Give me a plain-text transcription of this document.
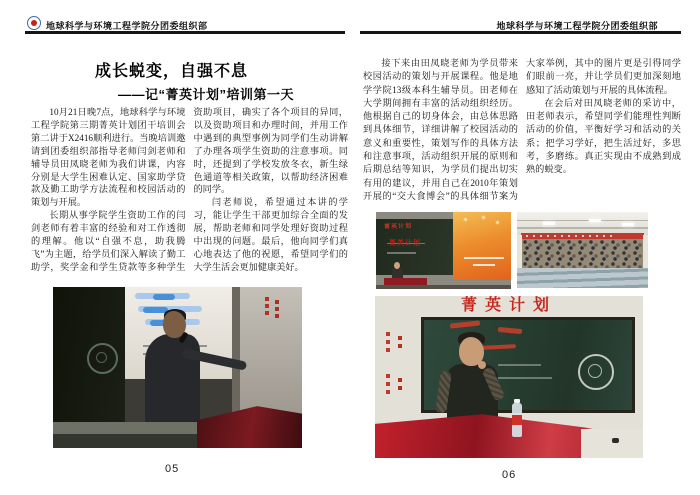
地球科学与环境工程学院分团委组织部	地球科学与环境工程学院分团委组织部
成长蜕变，自强不息
——记“菁英计划”培训第一天

10月21日晚7点，地球科学与环境工程学院第三期菁英计划团干培训会第二讲于X2416顺利进行。当晚培训邀请到团委组织部指导老师闫剑老师和辅导员田凤晓老师为我们讲课，内容分别是大学生困难认定、国家助学贷款及勤工助学方法流程和校园活动的策划与开展。

长期从事学院学生资助工作的闫剑老师有着丰富的经验和对工作透彻的理解。他以“自强不息，助我腾飞”为主题，给学员们深入解读了勤工助学，奖学金和学生贷款等多种学生资助项目，确实了各个项目的异同，以及资助项目和办理时间，并用工作中遇到的典型事例为同学们生动讲解了办理各项学生资助的注意事项。同时，还提到了学校发放冬衣，新生绿色通道等相关政策，以帮助经济困难的同学。

闫老师说，希望通过本讲的学习，能让学生干部更加综合全面的发展，帮助老师和同学处理好资助过程中出现的问题。最后，他向同学们真心地表达了他的祝愿，希望同学们的大学生活会更加健康美好。

05

接下来由田凤晓老师为学员带来校园活动的策划与开展课程。他是地学学院13级本科生辅导员。田老师在大学期间拥有丰富的活动组织经历。他根据自己的切身体会，由总体思路到具体细节，详细讲解了校园活动的意义和重要性，策划写作的具体方法和注意事项，活动组织开展的原则和后期总结等知识，为学员们提出切实有用的建议，并用自己在2010年策划开展的“交大食博会”的具体细节案为大家举例，其中的图片更是引得同学们眼前一亮，并让学员们更加深刻地感知了活动策划与开展的具体流程。

在会后对田凤晓老师的采访中，田老师表示，希望同学们能理性判断活动的价值，平衡好学习和活动的关系；把学习学好，把生活过好，多思考，多磨练。真正实现由不成熟到成熟的蜕变。

菁英计划
菁英计划
菁英计划
06
